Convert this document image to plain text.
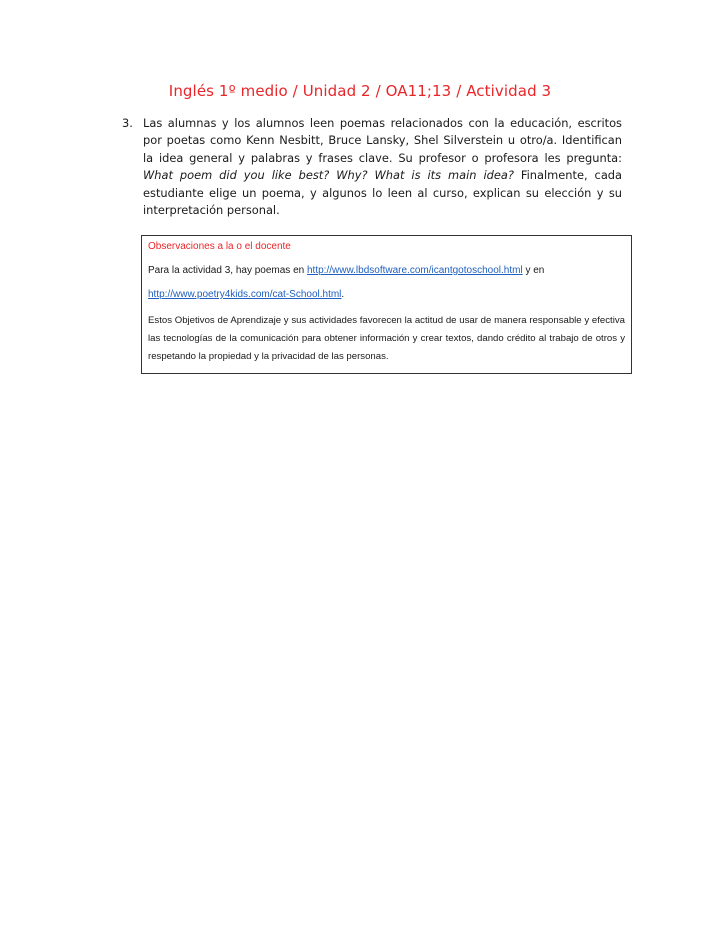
Inglés 1º medio / Unidad 2 / OA11;13 / Actividad 3
3. Las alumnas y los alumnos leen poemas relacionados con la educación, escritos por poetas como Kenn Nesbitt, Bruce Lansky, Shel Silverstein u otro/a. Identifican la idea general y palabras y frases clave. Su profesor o profesora les pregunta: What poem did you like best? Why? What is its main idea? Finalmente, cada estudiante elige un poema, y algunos lo leen al curso, explican su elección y su interpretación personal.
Observaciones a la o el docente
Para la actividad 3, hay poemas en http://www.lbdsoftware.com/icantgotoschool.html y en
http://www.poetry4kids.com/cat-School.html.
Estos Objetivos de Aprendizaje y sus actividades favorecen la actitud de usar de manera responsable y efectiva las tecnologías de la comunicación para obtener información y crear textos, dando crédito al trabajo de otros y respetando la propiedad y la privacidad de las personas.
